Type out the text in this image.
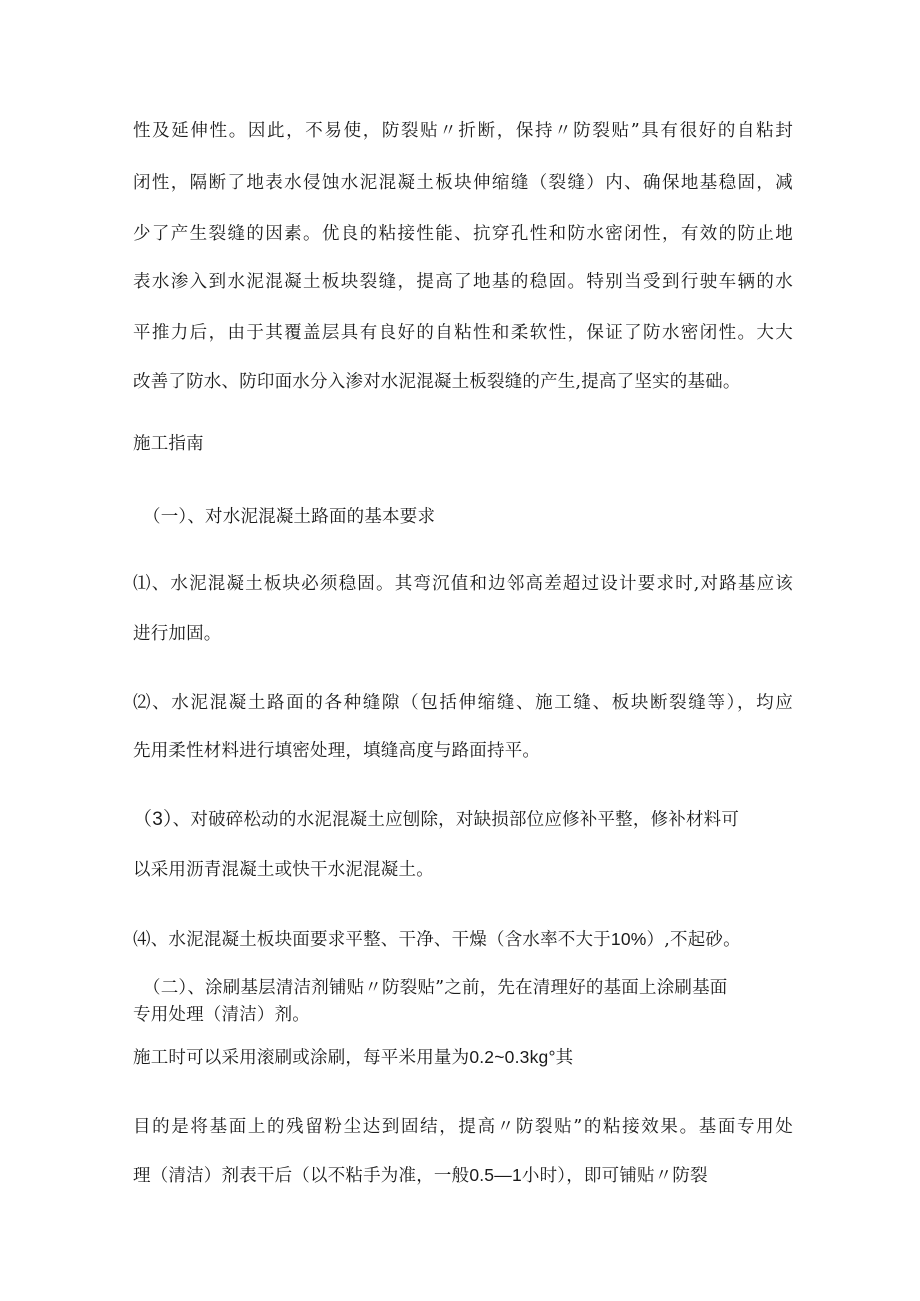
性及延伸性。因此，不易使，防裂贴〃折断，保持〃防裂贴”具有很好的自粘封
闭性，隔断了地表水侵蚀水泥混凝土板块伸缩缝（裂缝）内、确保地基稳固，减
少了产生裂缝的因素。优良的粘接性能、抗穿孔性和防水密闭性，有效的防止地
表水渗入到水泥混凝土板块裂缝，提高了地基的稳固。特别当受到行驶车辆的水
平推力后，由于其覆盖层具有良好的自粘性和柔软性，保证了防水密闭性。大大
改善了防水、防印面水分入渗对水泥混凝土板裂缝的产生,提高了坚实的基础。
施工指南
（一）、对水泥混凝土路面的基本要求
⑴、水泥混凝土板块必须稳固。其弯沉值和边邻高差超过设计要求时,对路基应该
进行加固。
⑵、水泥混凝土路面的各种缝隙（包括伸缩缝、施工缝、板块断裂缝等），均应
先用柔性材料进行填密处理，填缝高度与路面持平。
（3）、对破碎松动的水泥混凝土应刨除，对缺损部位应修补平整，修补材料可
以采用沥青混凝土或快干水泥混凝土。
⑷、水泥混凝土板块面要求平整、干净、干燥（含水率不大于10%）,不起砂。
（二）、涂刷基层清洁剂铺贴〃防裂贴”之前，先在清理好的基面上涂刷基面
专用处理（清洁）剂。
施工时可以采用滚刷或涂刷，每平米用量为0.2~0.3kg°其
目的是将基面上的残留粉尘达到固结，提高〃防裂贴”的粘接效果。基面专用处
理（清洁）剂表干后（以不粘手为准，一般0.5—1小时），即可铺贴〃防裂
